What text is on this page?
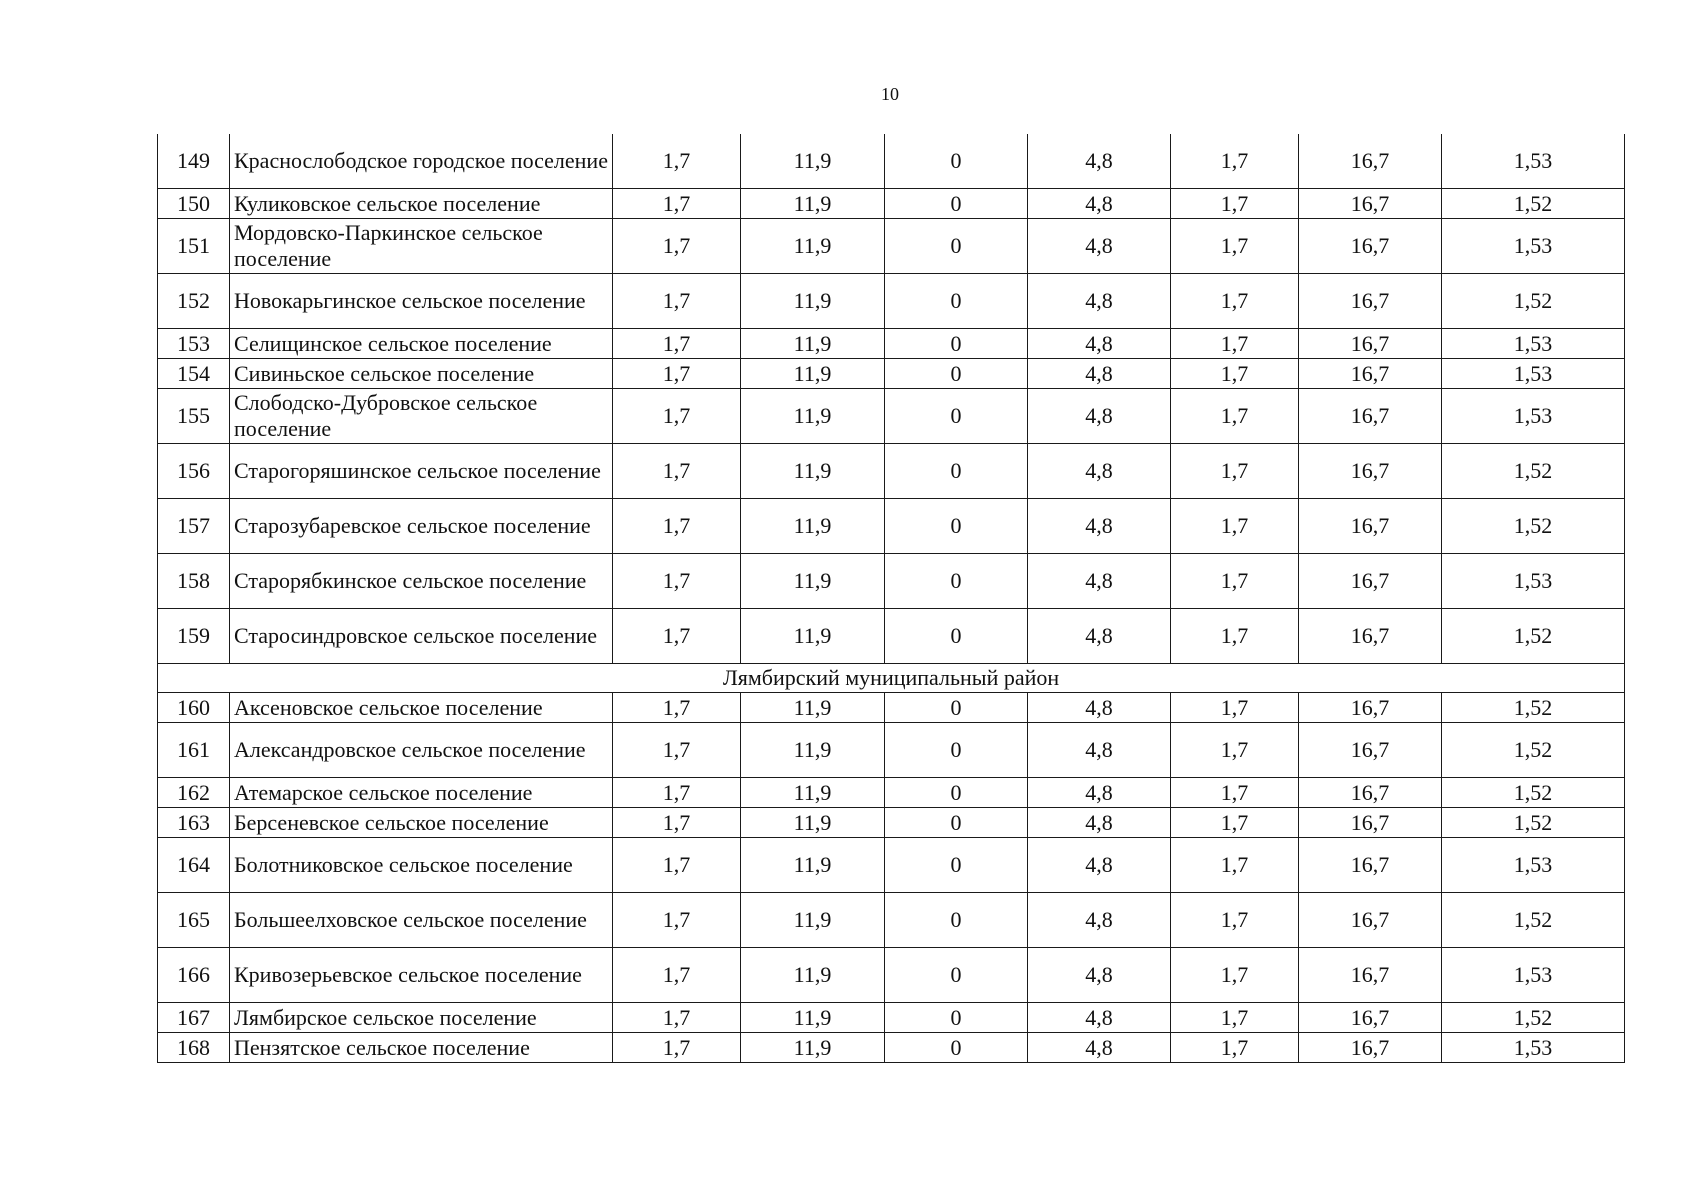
10
149	Краснослободское городское поселение	1,7	11,9	0	4,8	1,7	16,7	1,53
150	Куликовское сельское поселение	1,7	11,9	0	4,8	1,7	16,7	1,52
151	Мордовско-Паркинское сельское поселение	1,7	11,9	0	4,8	1,7	16,7	1,53
152	Новокарьгинское сельское поселение	1,7	11,9	0	4,8	1,7	16,7	1,52
153	Селищинское сельское поселение	1,7	11,9	0	4,8	1,7	16,7	1,53
154	Сивиньское сельское поселение	1,7	11,9	0	4,8	1,7	16,7	1,53
155	Слободско-Дубровское сельское поселение	1,7	11,9	0	4,8	1,7	16,7	1,53
156	Старогоряшинское сельское поселение	1,7	11,9	0	4,8	1,7	16,7	1,52
157	Старозубаревское сельское поселение	1,7	11,9	0	4,8	1,7	16,7	1,52
158	Старорябкинское сельское поселение	1,7	11,9	0	4,8	1,7	16,7	1,53
159	Старосиндровское сельское поселение	1,7	11,9	0	4,8	1,7	16,7	1,52
Лямбирский муниципальный район								
160	Аксеновское сельское поселение	1,7	11,9	0	4,8	1,7	16,7	1,52
161	Александровское сельское поселение	1,7	11,9	0	4,8	1,7	16,7	1,52
162	Атемарское сельское поселение	1,7	11,9	0	4,8	1,7	16,7	1,52
163	Берсеневское сельское поселение	1,7	11,9	0	4,8	1,7	16,7	1,52
164	Болотниковское сельское поселение	1,7	11,9	0	4,8	1,7	16,7	1,53
165	Большеелховское сельское поселение	1,7	11,9	0	4,8	1,7	16,7	1,52
166	Кривозерьевское сельское поселение	1,7	11,9	0	4,8	1,7	16,7	1,53
167	Лямбирское сельское поселение	1,7	11,9	0	4,8	1,7	16,7	1,52
168	Пензятское сельское поселение	1,7	11,9	0	4,8	1,7	16,7	1,53
